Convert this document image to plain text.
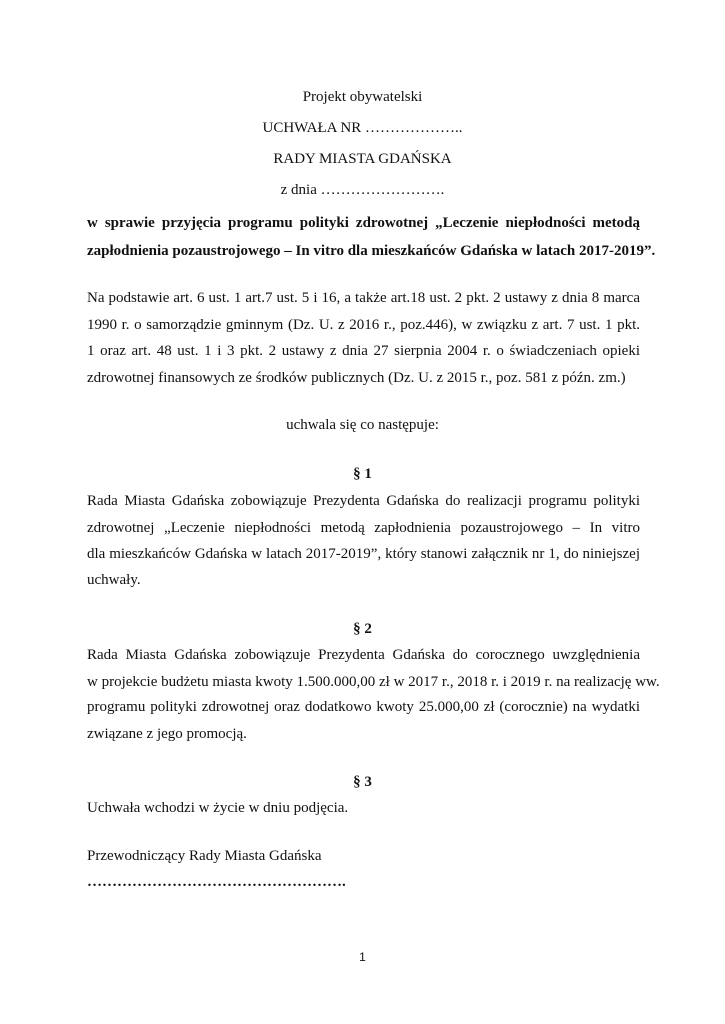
Projekt obywatelski
UCHWAŁA NR ………………..
RADY MIASTA GDAŃSKA
z dnia …………………….
w sprawie przyjęcia programu polityki zdrowotnej „Leczenie niepłodności metodą
zapłodnienia pozaustrojowego – In vitro dla mieszkańców Gdańska w latach 2017-2019”.
Na podstawie art. 6 ust. 1 art.7 ust. 5 i 16, a także art.18 ust. 2 pkt. 2 ustawy z dnia 8 marca
1990 r. o samorządzie gminnym (Dz. U. z 2016 r., poz.446), w związku z art. 7 ust. 1 pkt.
1 oraz art. 48 ust. 1 i 3 pkt. 2 ustawy z dnia 27 sierpnia 2004 r. o świadczeniach opieki
zdrowotnej finansowych ze środków publicznych (Dz. U. z 2015 r., poz. 581 z późn. zm.)
uchwala się co następuje:
§ 1
Rada Miasta Gdańska zobowiązuje Prezydenta Gdańska do realizacji programu polityki
zdrowotnej „Leczenie niepłodności metodą zapłodnienia pozaustrojowego – In vitro
dla mieszkańców Gdańska w latach 2017-2019”, który stanowi załącznik nr 1, do niniejszej
uchwały.
§ 2
Rada Miasta Gdańska zobowiązuje Prezydenta Gdańska do corocznego uwzględnienia
w projekcie budżetu miasta kwoty 1.500.000,00 zł w 2017 r., 2018 r. i 2019 r. na realizację ww.
programu polityki zdrowotnej oraz dodatkowo kwoty 25.000,00 zł (corocznie) na wydatki
związane z jego promocją.
§ 3
Uchwała wchodzi w życie w dniu podjęcia.
Przewodniczący Rady Miasta Gdańska
…………………………………………….
1
